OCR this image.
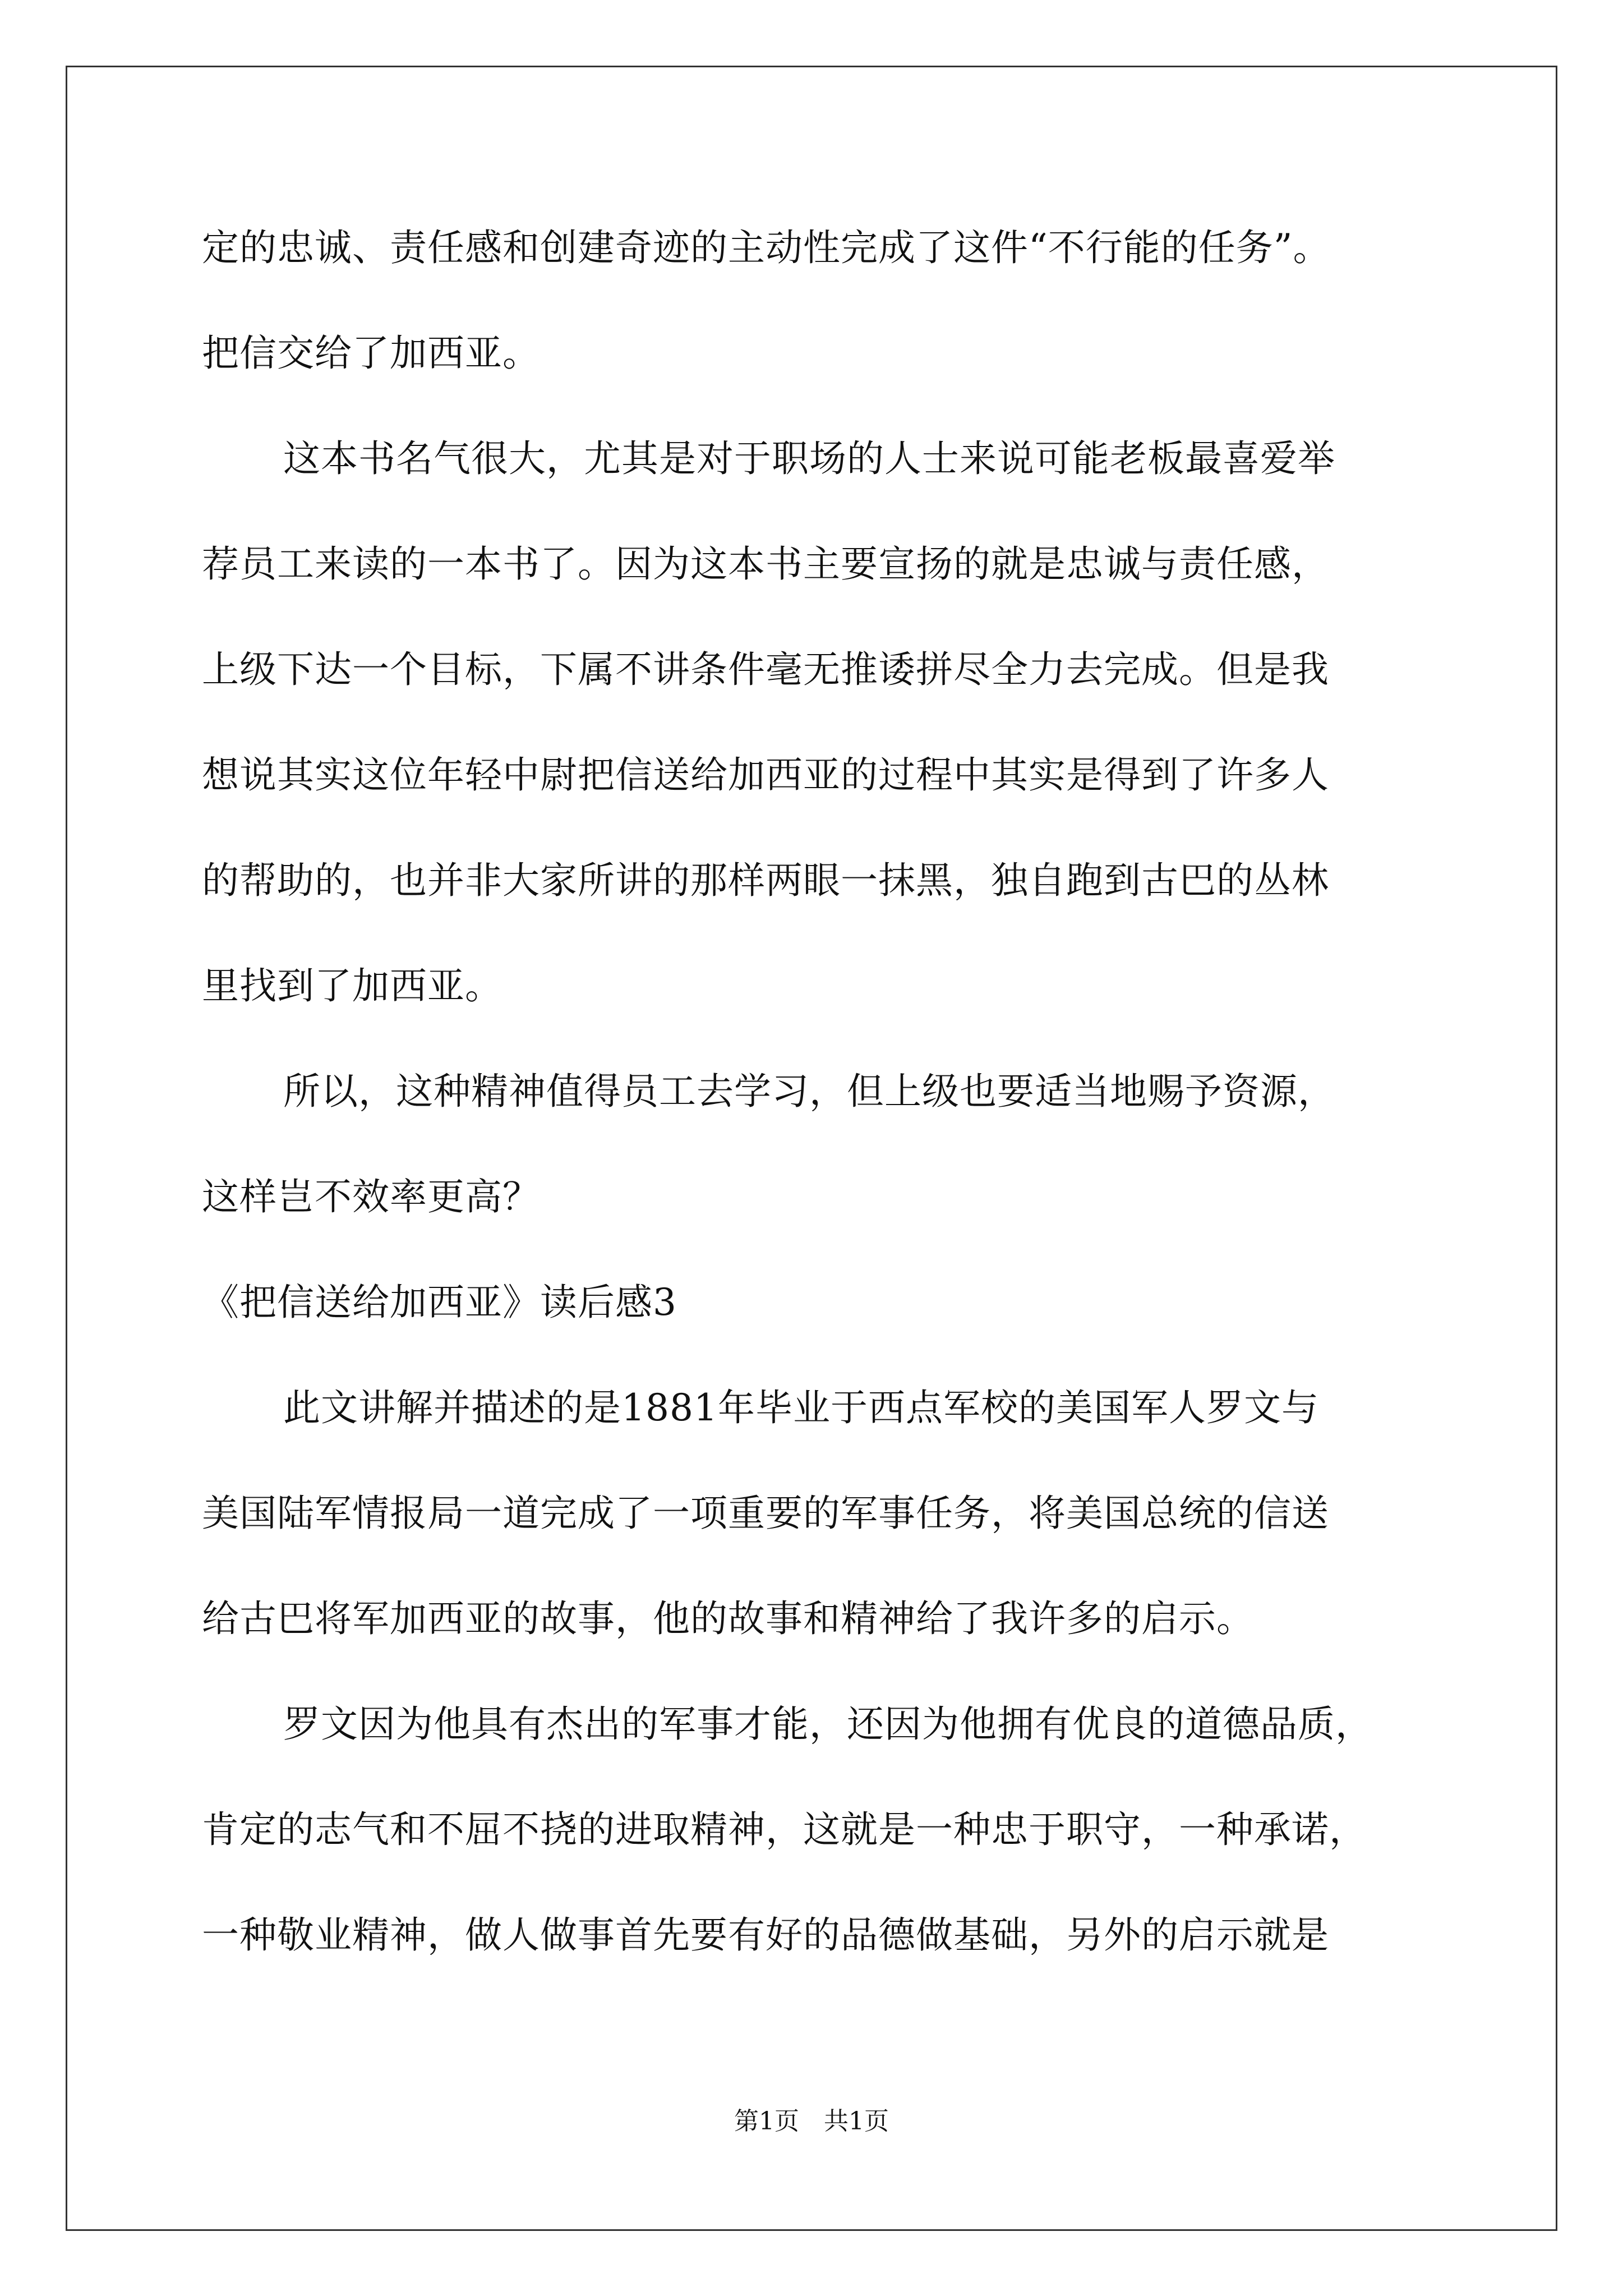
定的忠诚、责任感和创建奇迹的主动性完成了这件“不行能的任务”。
把信交给了加西亚。
这本书名气很大，尤其是对于职场的人士来说可能老板最喜爱举
荐员工来读的一本书了。因为这本书主要宣扬的就是忠诚与责任感，
上级下达一个目标，下属不讲条件毫无推诿拼尽全力去完成。但是我
想说其实这位年轻中尉把信送给加西亚的过程中其实是得到了许多人
的帮助的，也并非大家所讲的那样两眼一抹黑，独自跑到古巴的丛林
里找到了加西亚。
所以，这种精神值得员工去学习，但上级也要适当地赐予资源，
这样岂不效率更高？
《把信送给加西亚》读后感3
此文讲解并描述的是1881年毕业于西点军校的美国军人罗文与
美国陆军情报局一道完成了一项重要的军事任务，将美国总统的信送
给古巴将军加西亚的故事，他的故事和精神给了我许多的启示。
罗文因为他具有杰出的军事才能，还因为他拥有优良的道德品质，
肯定的志气和不屈不挠的进取精神，这就是一种忠于职守，一种承诺，
一种敬业精神，做人做事首先要有好的品德做基础，另外的启示就是
第1页　共1页
